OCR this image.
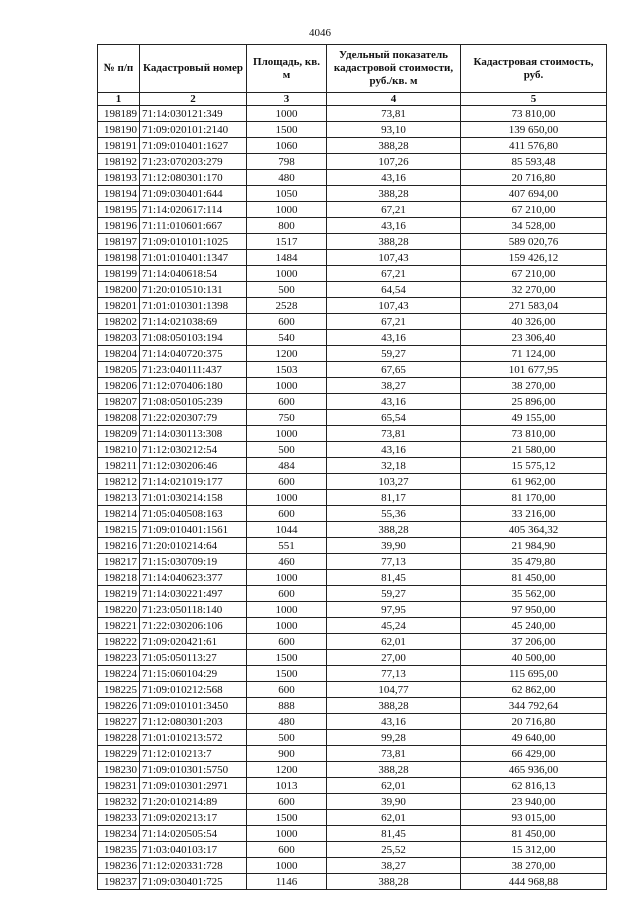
4046
№ п/п	Кадастровый номер	Площадь, кв. м	Удельный показатель кадастровой стоимости, руб./кв. м	Кадастровая стоимость, руб.
1	2	3	4	5
198189	71:14:030121:349	1000	73,81	73 810,00
198190	71:09:020101:2140	1500	93,10	139 650,00
198191	71:09:010401:1627	1060	388,28	411 576,80
198192	71:23:070203:279	798	107,26	85 593,48
198193	71:12:080301:170	480	43,16	20 716,80
198194	71:09:030401:644	1050	388,28	407 694,00
198195	71:14:020617:114	1000	67,21	67 210,00
198196	71:11:010601:667	800	43,16	34 528,00
198197	71:09:010101:1025	1517	388,28	589 020,76
198198	71:01:010401:1347	1484	107,43	159 426,12
198199	71:14:040618:54	1000	67,21	67 210,00
198200	71:20:010510:131	500	64,54	32 270,00
198201	71:01:010301:1398	2528	107,43	271 583,04
198202	71:14:021038:69	600	67,21	40 326,00
198203	71:08:050103:194	540	43,16	23 306,40
198204	71:14:040720:375	1200	59,27	71 124,00
198205	71:23:040111:437	1503	67,65	101 677,95
198206	71:12:070406:180	1000	38,27	38 270,00
198207	71:08:050105:239	600	43,16	25 896,00
198208	71:22:020307:79	750	65,54	49 155,00
198209	71:14:030113:308	1000	73,81	73 810,00
198210	71:12:030212:54	500	43,16	21 580,00
198211	71:12:030206:46	484	32,18	15 575,12
198212	71:14:021019:177	600	103,27	61 962,00
198213	71:01:030214:158	1000	81,17	81 170,00
198214	71:05:040508:163	600	55,36	33 216,00
198215	71:09:010401:1561	1044	388,28	405 364,32
198216	71:20:010214:64	551	39,90	21 984,90
198217	71:15:030709:19	460	77,13	35 479,80
198218	71:14:040623:377	1000	81,45	81 450,00
198219	71:14:030221:497	600	59,27	35 562,00
198220	71:23:050118:140	1000	97,95	97 950,00
198221	71:22:030206:106	1000	45,24	45 240,00
198222	71:09:020421:61	600	62,01	37 206,00
198223	71:05:050113:27	1500	27,00	40 500,00
198224	71:15:060104:29	1500	77,13	115 695,00
198225	71:09:010212:568	600	104,77	62 862,00
198226	71:09:010101:3450	888	388,28	344 792,64
198227	71:12:080301:203	480	43,16	20 716,80
198228	71:01:010213:572	500	99,28	49 640,00
198229	71:12:010213:7	900	73,81	66 429,00
198230	71:09:010301:5750	1200	388,28	465 936,00
198231	71:09:010301:2971	1013	62,01	62 816,13
198232	71:20:010214:89	600	39,90	23 940,00
198233	71:09:020213:17	1500	62,01	93 015,00
198234	71:14:020505:54	1000	81,45	81 450,00
198235	71:03:040103:17	600	25,52	15 312,00
198236	71:12:020331:728	1000	38,27	38 270,00
198237	71:09:030401:725	1146	388,28	444 968,88
